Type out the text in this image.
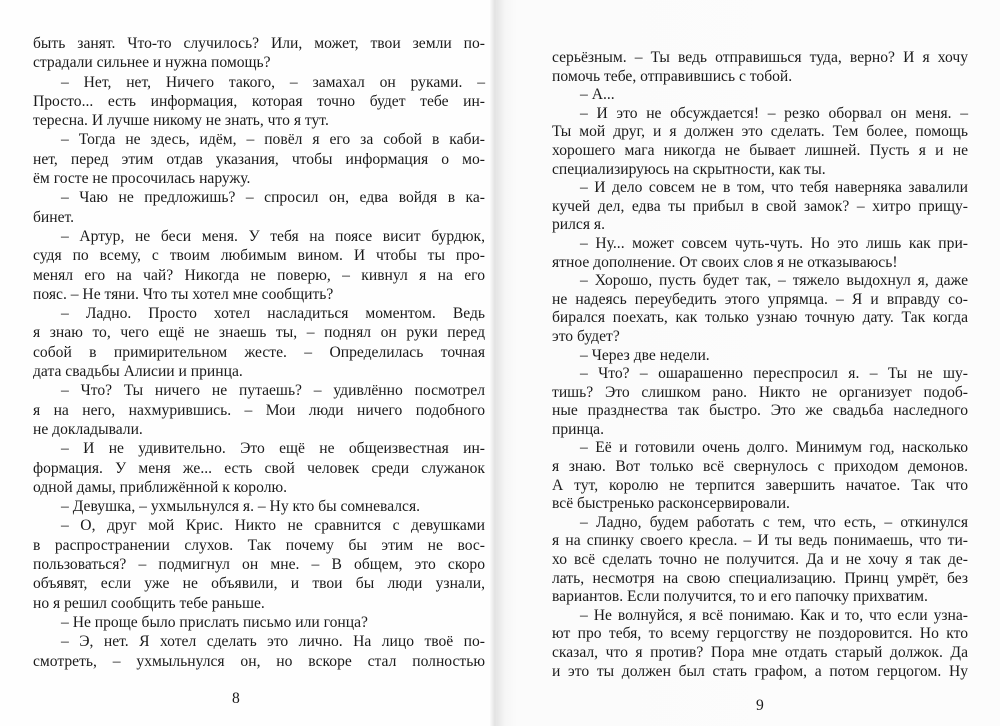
быть занят. Что-то случилось? Или, может, твои земли по-
страдали сильнее и нужна помощь?
– Нет, нет, Ничего такого, – замахал он руками. –
Просто... есть информация, которая точно будет тебе ин-
тересна. И лучше никому не знать, что я тут.
– Тогда не здесь, идём, – повёл я его за собой в каби-
нет, перед этим отдав указания, чтобы информация о мо-
ём госте не просочилась наружу.
– Чаю не предложишь? – спросил он, едва войдя в ка-
бинет.
– Артур, не беси меня. У тебя на поясе висит бурдюк,
судя по всему, с твоим любимым вином. И чтобы ты про-
менял его на чай? Никогда не поверю, – кивнул я на его
пояс. – Не тяни. Что ты хотел мне сообщить?
– Ладно. Просто хотел насладиться моментом. Ведь
я знаю то, чего ещё не знаешь ты, – поднял он руки перед
собой в примирительном жесте. – Определилась точная
дата свадьбы Алисии и принца.
– Что? Ты ничего не путаешь? – удивлённо посмотрел
я на него, нахмурившись. – Мои люди ничего подобного
не докладывали.
– И не удивительно. Это ещё не общеизвестная ин-
формация. У меня же... есть свой человек среди служанок
одной дамы, приближённой к королю.
– Девушка, – ухмыльнулся я. – Ну кто бы сомневался.
– О, друг мой Крис. Никто не сравнится с девушками
в распространении слухов. Так почему бы этим не вос-
пользоваться? – подмигнул он мне. – В общем, это скоро
объявят, если уже не объявили, и твои бы люди узнали,
но я решил сообщить тебе раньше.
– Не проще было прислать письмо или гонца?
– Э, нет. Я хотел сделать это лично. На лицо твоё по-
смотреть, – ухмыльнулся он, но вскоре стал полностью
8
серьёзным. – Ты ведь отправишься туда, верно? И я хочу
помочь тебе, отправившись с тобой.
– А...
– И это не обсуждается! – резко оборвал он меня. –
Ты мой друг, и я должен это сделать. Тем более, помощь
хорошего мага никогда не бывает лишней. Пусть я и не
специализируюсь на скрытности, как ты.
– И дело совсем не в том, что тебя наверняка завалили
кучей дел, едва ты прибыл в свой замок? – хитро прищу-
рился я.
– Ну... может совсем чуть-чуть. Но это лишь как при-
ятное дополнение. От своих слов я не отказываюсь!
– Хорошо, пусть будет так, – тяжело выдохнул я, даже
не надеясь переубедить этого упрямца. – Я и вправду со-
бирался поехать, как только узнаю точную дату. Так когда
это будет?
– Через две недели.
– Что? – ошарашенно переспросил я. – Ты не шу-
тишь? Это слишком рано. Никто не организует подоб-
ные празднества так быстро. Это же свадьба наследного
принца.
– Её и готовили очень долго. Минимум год, насколько
я знаю. Вот только всё свернулось с приходом демонов.
А тут, королю не терпится завершить начатое. Так что
всё быстренько расконсервировали.
– Ладно, будем работать с тем, что есть, – откинулся
я на спинку своего кресла. – И ты ведь понимаешь, что ти-
хо всё сделать точно не получится. Да и не хочу я так де-
лать, несмотря на свою специализацию. Принц умрёт, без
вариантов. Если получится, то и его папочку прихватим.
– Не волнуйся, я всё понимаю. Как и то, что если узна-
ют про тебя, то всему герцогству не поздоровится. Но кто
сказал, что я против? Пора мне отдать старый должок. Да
и это ты должен был стать графом, а потом герцогом. Ну
9
